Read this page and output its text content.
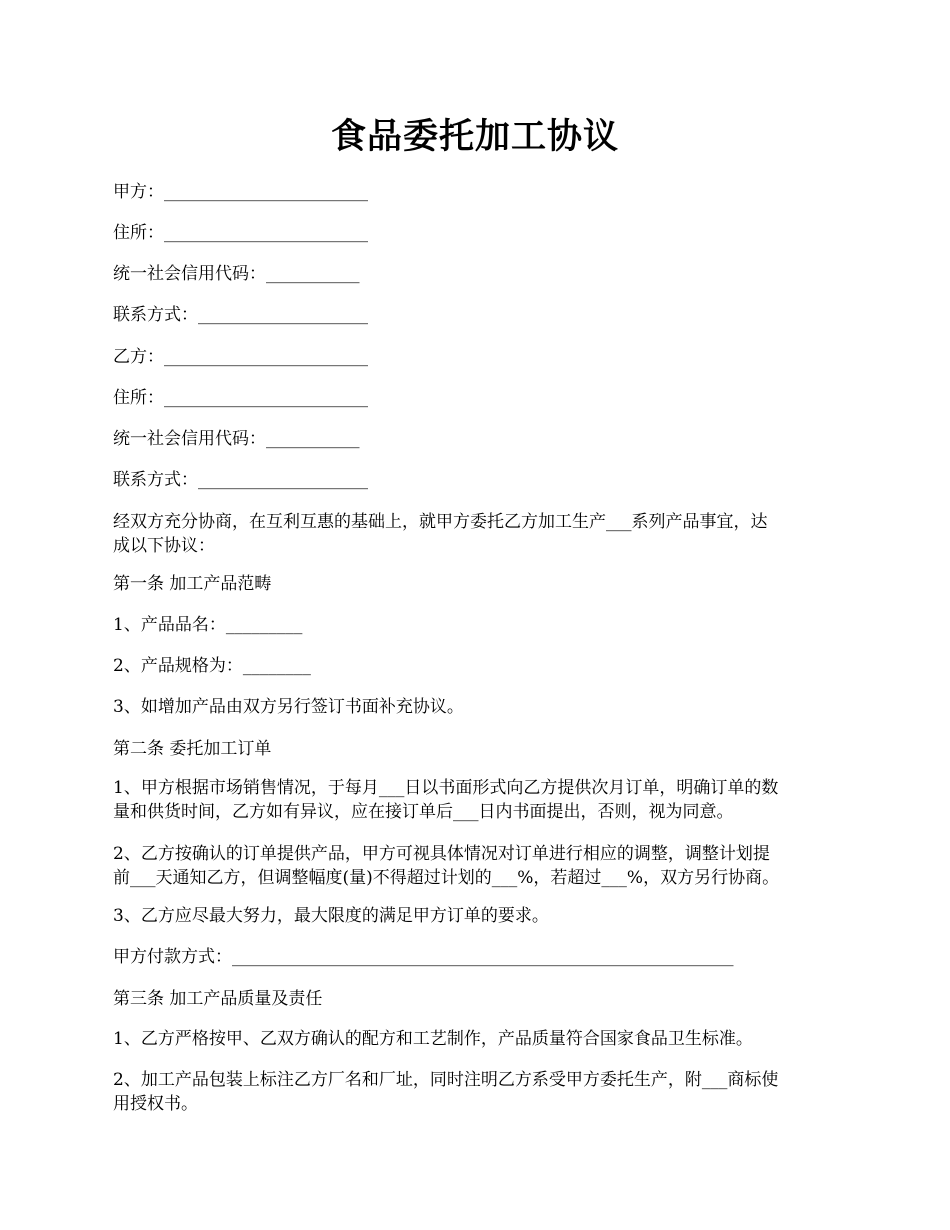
食品委托加工协议
甲方：________________________
住所：________________________
统一社会信用代码：___________
联系方式：____________________
乙方：________________________
住所：________________________
统一社会信用代码：___________
联系方式：____________________
经双方充分协商，在互利互惠的基础上，就甲方委托乙方加工生产___系列产品事宜，达
成以下协议：
第一条 加工产品范畴
1、产品品名：_________
2、产品规格为：________
3、如增加产品由双方另行签订书面补充协议。
第二条 委托加工订单
1、甲方根据市场销售情况，于每月___日以书面形式向乙方提供次月订单，明确订单的数
量和供货时间，乙方如有异议，应在接订单后___日内书面提出，否则，视为同意。
2、乙方按确认的订单提供产品，甲方可视具体情况对订单进行相应的调整，调整计划提
前___天通知乙方，但调整幅度(量)不得超过计划的___%，若超过___%，双方另行协商。
3、乙方应尽最大努力，最大限度的满足甲方订单的要求。
甲方付款方式：___________________________________________________________
第三条 加工产品质量及责任
1、乙方严格按甲、乙双方确认的配方和工艺制作，产品质量符合国家食品卫生标准。
2、加工产品包装上标注乙方厂名和厂址，同时注明乙方系受甲方委托生产，附___商标使
用授权书。
